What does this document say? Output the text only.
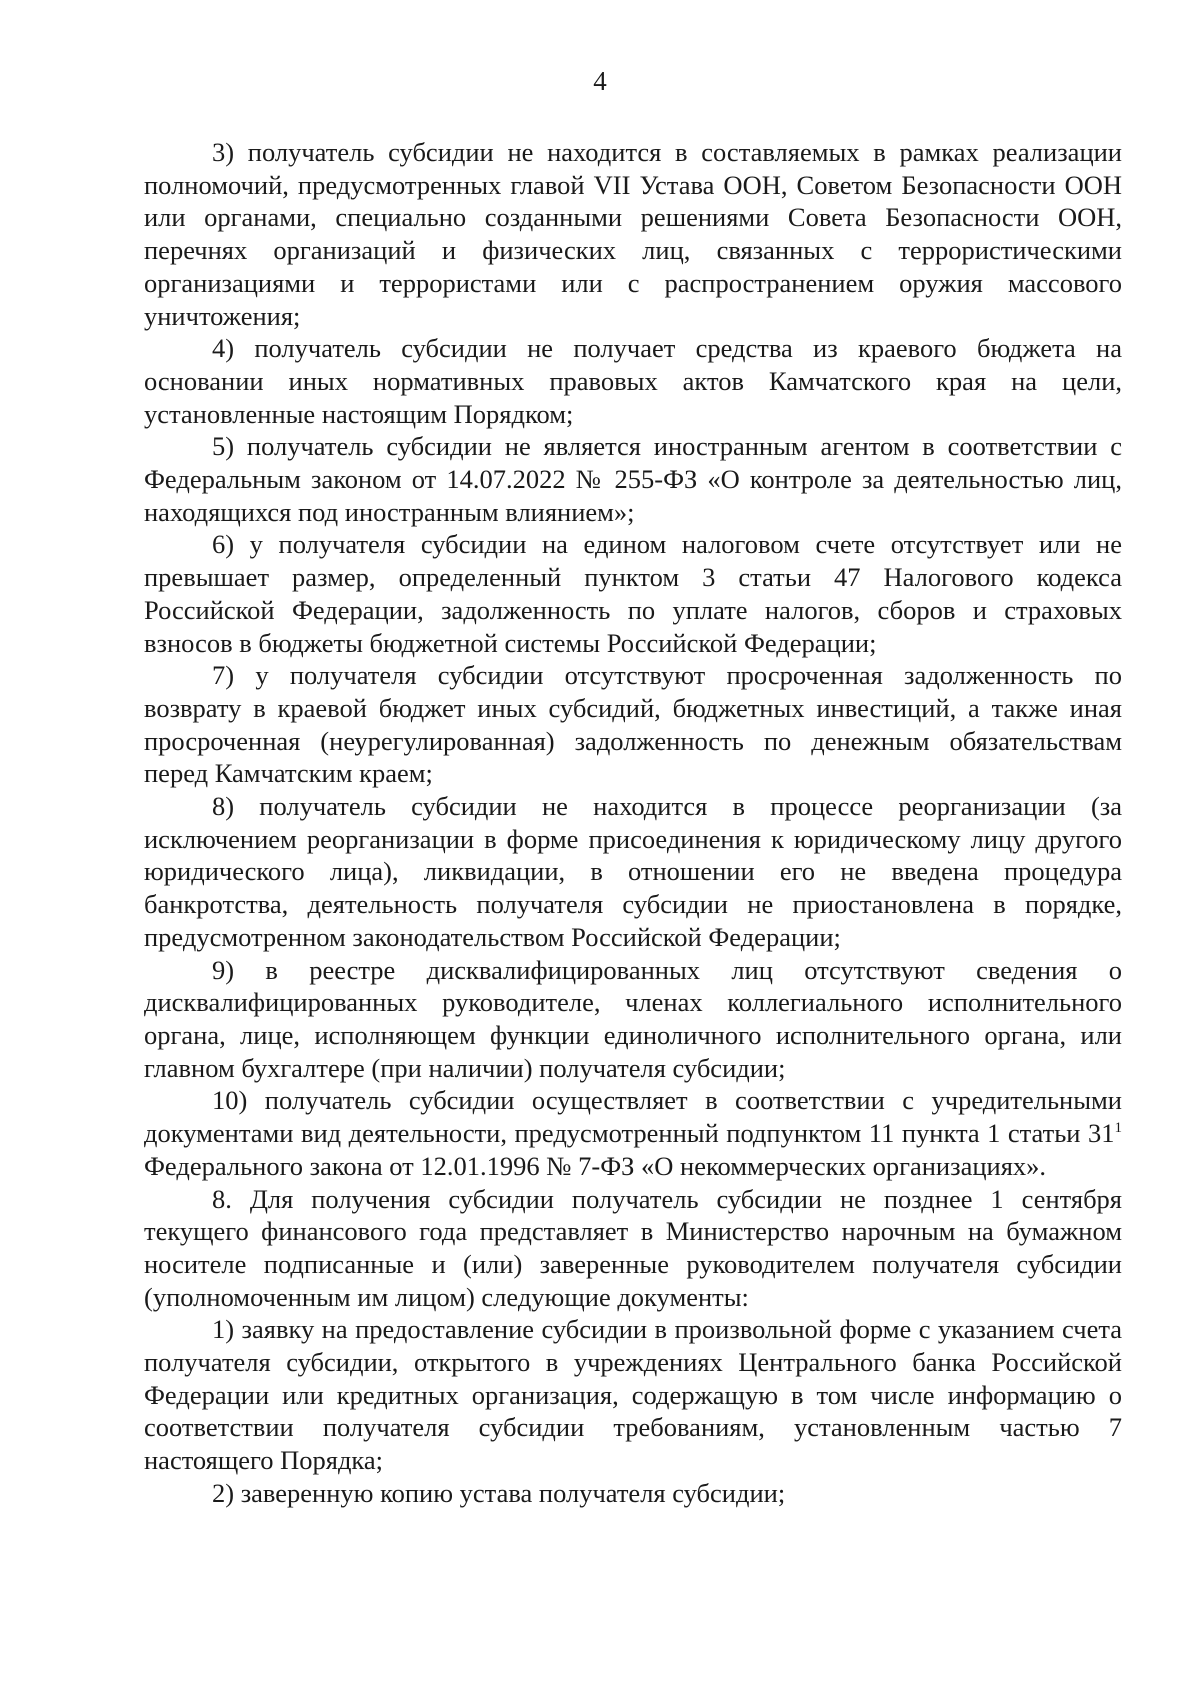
4

3) получатель субсидии не находится в составляемых в рамках реализации полномочий, предусмотренных главой VII Устава ООН, Советом Безопасности ООН или органами, специально созданными решениями Совета Безопасности ООН, перечнях организаций и физических лиц, связанных с террористическими организациями и террористами или с распространением оружия массового уничтожения;

4) получатель субсидии не получает средства из краевого бюджета на основании иных нормативных правовых актов Камчатского края на цели, установленные настоящим Порядком;

5) получатель субсидии не является иностранным агентом в соответствии с Федеральным законом от 14.07.2022 № 255-ФЗ «О контроле за деятельностью лиц, находящихся под иностранным влиянием»;

6) у получателя субсидии на едином налоговом счете отсутствует или не превышает размер, определенный пунктом 3 статьи 47 Налогового кодекса Российской Федерации, задолженность по уплате налогов, сборов и страховых взносов в бюджеты бюджетной системы Российской Федерации;

7) у получателя субсидии отсутствуют просроченная задолженность по возврату в краевой бюджет иных субсидий, бюджетных инвестиций, а также иная просроченная (неурегулированная) задолженность по денежным обязательствам перед Камчатским краем;

8) получатель субсидии не находится в процессе реорганизации (за исключением реорганизации в форме присоединения к юридическому лицу другого юридического лица), ликвидации, в отношении его не введена процедура банкротства, деятельность получателя субсидии не приостановлена в порядке, предусмотренном законодательством Российской Федерации;

9) в реестре дисквалифицированных лиц отсутствуют сведения о дисквалифицированных руководителе, членах коллегиального исполнительного органа, лице, исполняющем функции единоличного исполнительного органа, или главном бухгалтере (при наличии) получателя субсидии;

10) получатель субсидии осуществляет в соответствии с учредительными документами вид деятельности, предусмотренный подпунктом 11 пункта 1 статьи $31^1$ Федерального закона от 12.01.1996 № 7-ФЗ «О некоммерческих организациях».

8. Для получения субсидии получатель субсидии не позднее 1 сентября текущего финансового года представляет в Министерство нарочным на бумажном носителе подписанные и (или) заверенные руководителем получателя субсидии (уполномоченным им лицом) следующие документы:

1) заявку на предоставление субсидии в произвольной форме с указанием счета получателя субсидии, открытого в учреждениях Центрального банка Российской Федерации или кредитных организация, содержащую в том числе информацию о соответствии получателя субсидии требованиям, установленным частью 7 настоящего Порядка;

2) заверенную копию устава получателя субсидии;
